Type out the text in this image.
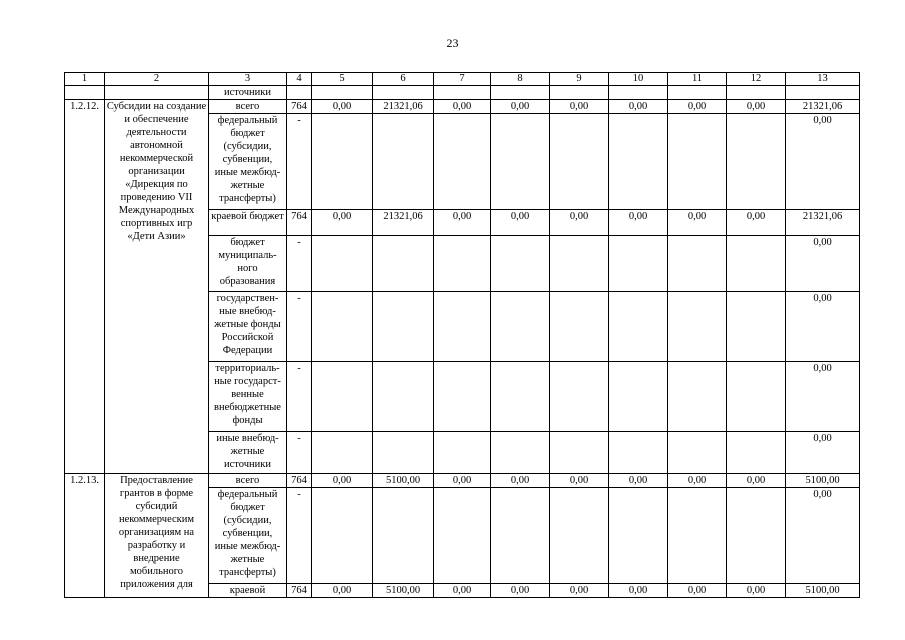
23
1	2	3	4	5	6	7	8	9	10	11	12	13
		источники										
1.2.12.	Субсидии на создание и обеспечение деятельности автономной некоммерческой организации «Дирекция по проведению VII Международных спортивных игр «Дети Азии»	всего	764	0,00	21321,06	0,00	0,00	0,00	0,00	0,00	0,00	21321,06
		федеральный бюджет (субсидии, субвенции, иные межбюд-жетные трансферты)	-									0,00
		краевой бюджет	764	0,00	21321,06	0,00	0,00	0,00	0,00	0,00	0,00	21321,06
		бюджет муниципаль-ного образования	-									0,00
		государствен-ные внебюд-жетные фонды Российской Федерации	-									0,00
		территориаль-ные государст-венные внебюджетные фонды	-									0,00
		иные внебюд-жетные источники	-									0,00
1.2.13.	Предоставление грантов в форме субсидий некоммерческим организациям на разработку и внедрение мобильного приложения для	всего	764	0,00	5100,00	0,00	0,00	0,00	0,00	0,00	0,00	5100,00
		федеральный бюджет (субсидии, субвенции, иные межбюд-жетные трансферты)	-									0,00
		краевой	764	0,00	5100,00	0,00	0,00	0,00	0,00	0,00	0,00	5100,00
